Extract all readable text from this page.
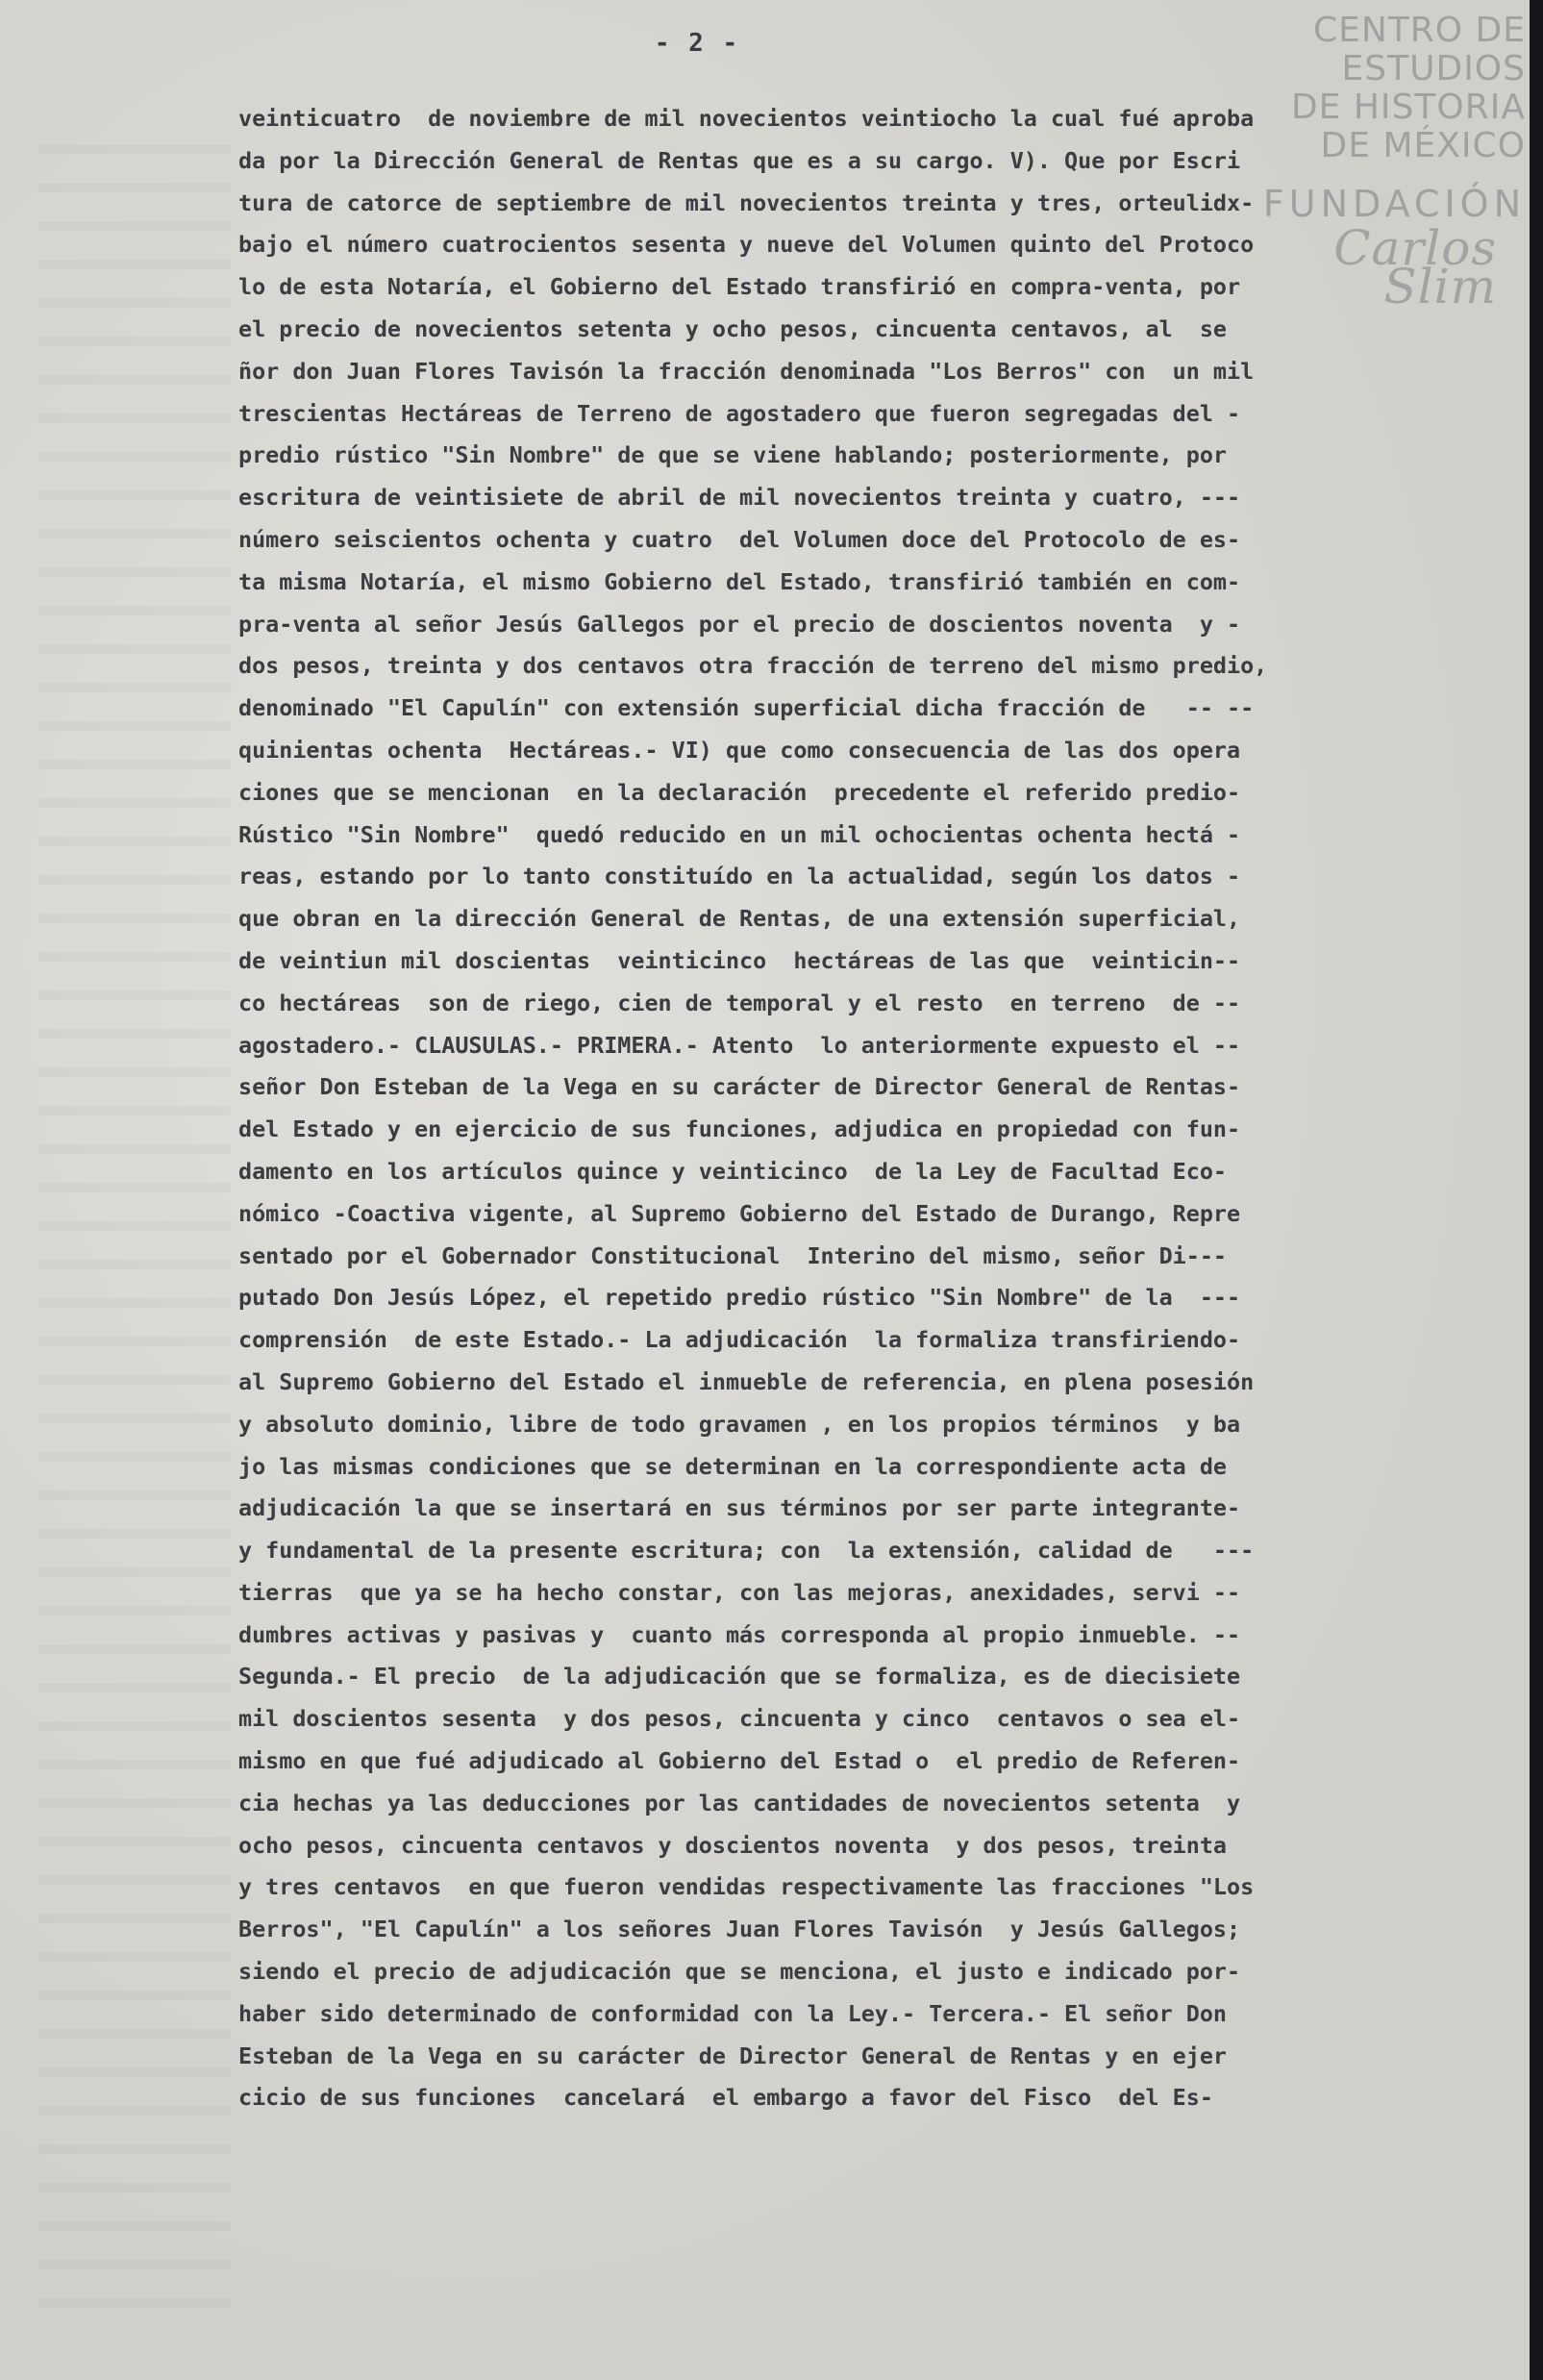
- 2 -	CENTRO DE
ESTUDIOS
DE HISTORIA
DE MÉXICO
FUNDACIÓN
Carlos Slim
veinticuatro  de noviembre de mil novecientos veintiocho la cual fué aproba
da por la Dirección General de Rentas que es a su cargo. V). Que por Escri
tura de catorce de septiembre de mil novecientos treinta y tres, orteulidx-
bajo el número cuatrocientos sesenta y nueve del Volumen quinto del Protoco
lo de esta Notaría, el Gobierno del Estado transfirió en compra-venta, por
el precio de novecientos setenta y ocho pesos, cincuenta centavos, al  se
ñor don Juan Flores Tavisón la fracción denominada "Los Berros" con  un mil
trescientas Hectáreas de Terreno de agostadero que fueron segregadas del -
predio rústico "Sin Nombre" de que se viene hablando; posteriormente, por
escritura de veintisiete de abril de mil novecientos treinta y cuatro, ---
número seiscientos ochenta y cuatro  del Volumen doce del Protocolo de es-
ta misma Notaría, el mismo Gobierno del Estado, transfirió también en com-
pra-venta al señor Jesús Gallegos por el precio de doscientos noventa  y -
dos pesos, treinta y dos centavos otra fracción de terreno del mismo predio,
denominado "El Capulín" con extensión superficial dicha fracción de   -- --
quinientas ochenta  Hectáreas.- VI) que como consecuencia de las dos opera
ciones que se mencionan  en la declaración  precedente el referido predio-
Rústico "Sin Nombre"  quedó reducido en un mil ochocientas ochenta hectá -
reas, estando por lo tanto constituído en la actualidad, según los datos -
que obran en la dirección General de Rentas, de una extensión superficial,
de veintiun mil doscientas  veinticinco  hectáreas de las que  veinticin--
co hectáreas  son de riego, cien de temporal y el resto  en terreno  de --
agostadero.- CLAUSULAS.- PRIMERA.- Atento  lo anteriormente expuesto el --
señor Don Esteban de la Vega en su carácter de Director General de Rentas-
del Estado y en ejercicio de sus funciones, adjudica en propiedad con fun-
damento en los artículos quince y veinticinco  de la Ley de Facultad Eco-
nómico -Coactiva vigente, al Supremo Gobierno del Estado de Durango, Repre
sentado por el Gobernador Constitucional  Interino del mismo, señor Di---
putado Don Jesús López, el repetido predio rústico "Sin Nombre" de la  ---
comprensión  de este Estado.- La adjudicación  la formaliza transfiriendo-
al Supremo Gobierno del Estado el inmueble de referencia, en plena posesión
y absoluto dominio, libre de todo gravamen , en los propios términos  y ba
jo las mismas condiciones que se determinan en la correspondiente acta de
adjudicación la que se insertará en sus términos por ser parte integrante-
y fundamental de la presente escritura; con  la extensión, calidad de   ---
tierras  que ya se ha hecho constar, con las mejoras, anexidades, servi --
dumbres activas y pasivas y  cuanto más corresponda al propio inmueble. --
Segunda.- El precio  de la adjudicación que se formaliza, es de diecisiete
mil doscientos sesenta  y dos pesos, cincuenta y cinco  centavos o sea el-
mismo en que fué adjudicado al Gobierno del Estad o  el predio de Referen-
cia hechas ya las deducciones por las cantidades de novecientos setenta  y
ocho pesos, cincuenta centavos y doscientos noventa  y dos pesos, treinta
y tres centavos  en que fueron vendidas respectivamente las fracciones "Los
Berros", "El Capulín" a los señores Juan Flores Tavisón  y Jesús Gallegos;
siendo el precio de adjudicación que se menciona, el justo e indicado por-
haber sido determinado de conformidad con la Ley.- Tercera.- El señor Don
Esteban de la Vega en su carácter de Director General de Rentas y en ejer
cicio de sus funciones  cancelará  el embargo a favor del Fisco  del Es-
